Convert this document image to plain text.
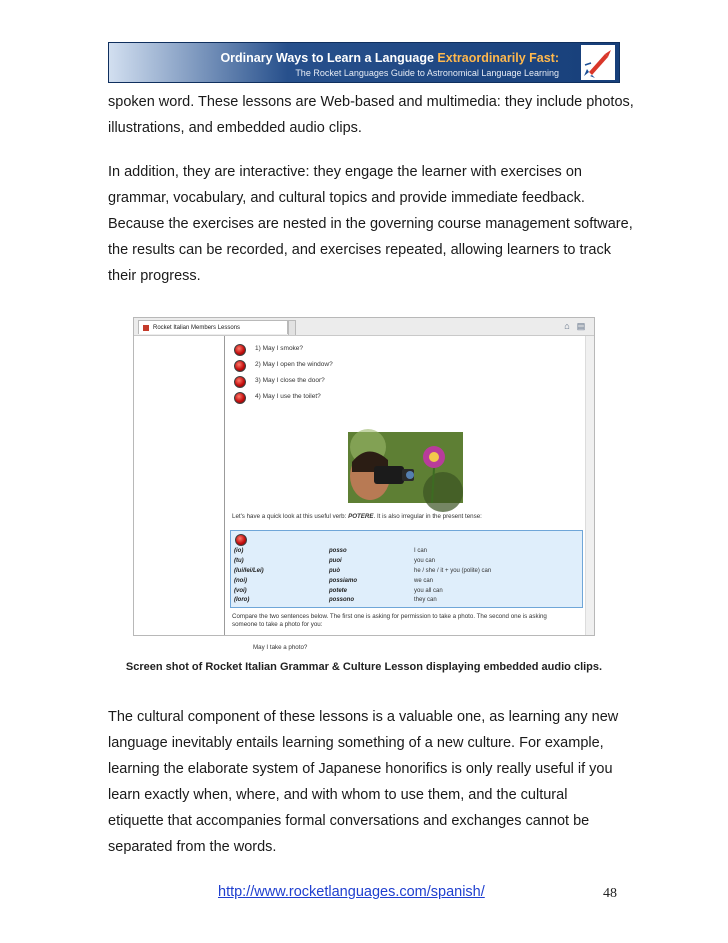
Ordinary Ways to Learn a Language Extraordinarily Fast:
The Rocket Languages Guide to Astronomical Language Learning
spoken word. These lessons are Web-based and multimedia: they include photos,
illustrations, and embedded audio clips.
In addition, they are interactive: they engage the learner with exercises on
grammar, vocabulary, and cultural topics and provide immediate feedback.
Because the exercises are nested in the governing course management software,
the results can be recorded, and exercises repeated, allowing learners to track
their progress.
Rocket Italian Members Lessons	⌂ ▤
1) May I smoke?
2) May I open the window?
3) May I close the door?
4) May I use the toilet?
Let's have a quick look at this useful verb: POTERE. It is also irregular in the present tense:
(io)	posso	I can
(tu)	puoi	you can
(lui/lei/Lei)	può	he / she / it + you (polite) can
(noi)	possiamo	we can
(voi)	potete	you all can
(loro)	possono	they can
Compare the two sentences below. The first one is asking for permission to take a photo. The second one is asking
someone to take a photo for you:
May I take a photo?
Screen shot of Rocket Italian Grammar & Culture Lesson displaying embedded audio clips.
The cultural component of these lessons is a valuable one, as learning any new
language inevitably entails learning something of a new culture. For example,
learning the elaborate system of Japanese honorifics is only really useful if you
learn exactly when, where, and with whom to use them, and the cultural
etiquette that accompanies formal conversations and exchanges cannot be
separated from the words.
http://www.rocketlanguages.com/spanish/	48
